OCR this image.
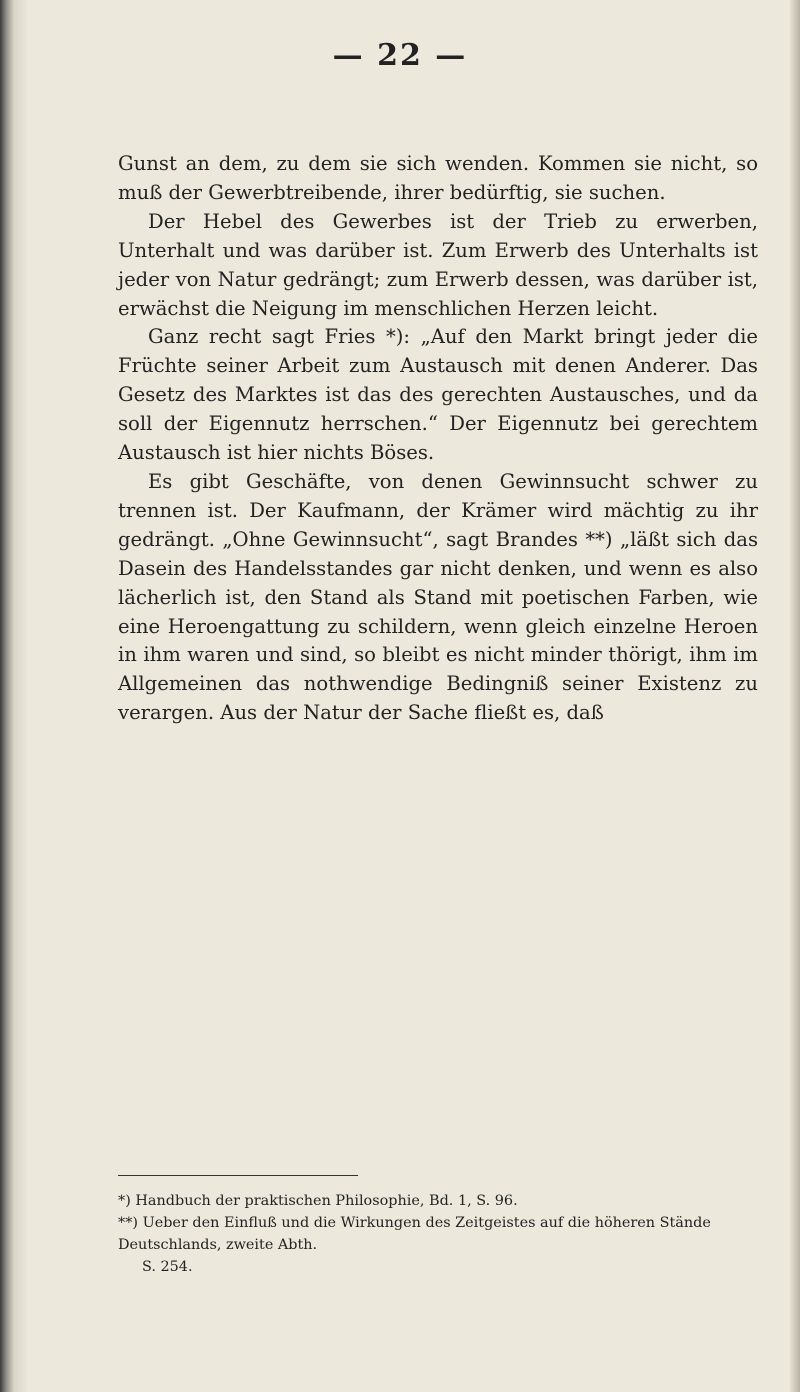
— 22 —

Gunst an dem, zu dem sie sich wenden. Kommen sie nicht, so muß der Gewerbtreibende, ihrer bedürftig, sie suchen.

Der Hebel des Gewerbes ist der Trieb zu erwerben, Unterhalt und was darüber ist. Zum Erwerb des Unterhalts ist jeder von Natur gedrängt; zum Erwerb dessen, was darüber ist, erwächst die Neigung im menschlichen Herzen leicht.

Ganz recht sagt Fries *): „Auf den Markt bringt jeder die Früchte seiner Arbeit zum Austausch mit denen Anderer. Das Gesetz des Marktes ist das des gerechten Austausches, und da soll der Eigennutz herrschen.“ Der Eigennutz bei gerechtem Austausch ist hier nichts Böses.

Es gibt Geschäfte, von denen Gewinnsucht schwer zu trennen ist. Der Kaufmann, der Krämer wird mächtig zu ihr gedrängt. „Ohne Gewinnsucht“, sagt Brandes **) „läßt sich das Dasein des Handelsstandes gar nicht denken, und wenn es also lächerlich ist, den Stand als Stand mit poetischen Farben, wie eine Heroengattung zu schildern, wenn gleich einzelne Heroen in ihm waren und sind, so bleibt es nicht minder thörigt, ihm im Allgemeinen das nothwendige Bedingniß seiner Existenz zu verargen. Aus der Natur der Sache fließt es, daß

*) Handbuch der praktischen Philosophie, Bd. 1, S. 96.

**) Ueber den Einfluß und die Wirkungen des Zeitgeistes auf die höheren Stände Deutschlands, zweite Abth.

S. 254.
